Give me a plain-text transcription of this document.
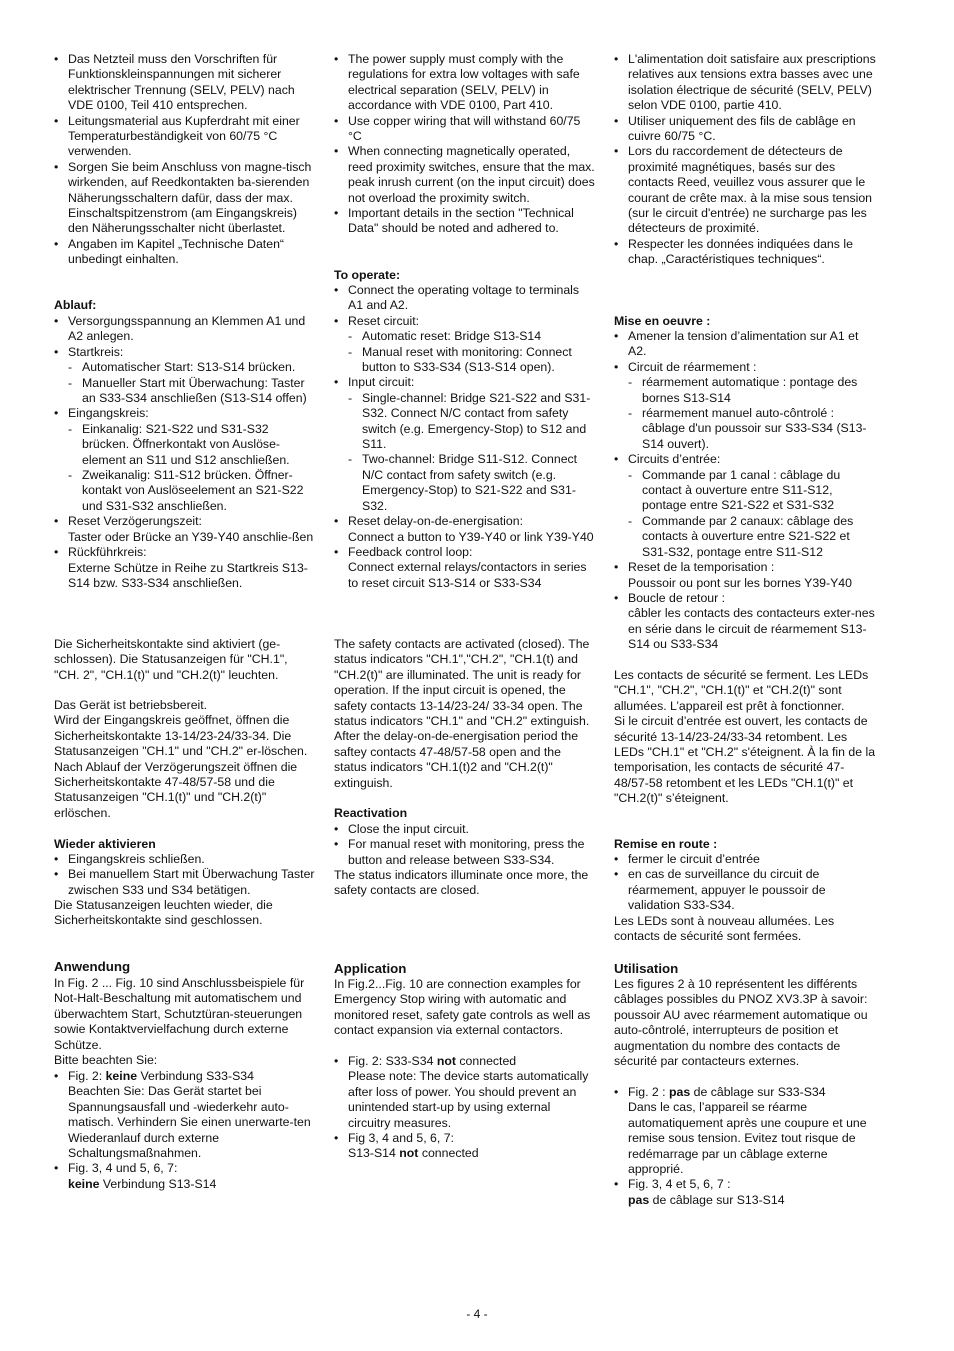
• Das Netzteil muss den Vorschriften für Funktionskleinspannungen mit sicherer elektrischer Trennung (SELV, PELV) nach VDE 0100, Teil 410 entsprechen.
• Leitungsmaterial aus Kupferdraht mit einer Temperaturbeständigkeit von 60/75 °C verwenden.
• Sorgen Sie beim Anschluss von magne-tisch wirkenden, auf Reedkontakten ba-sierenden Näherungsschaltern dafür, dass der max. Einschaltspitzenstrom (am Eingangskreis) den Näherungsschalter nicht überlastet.
• Angaben im Kapitel „Technische Daten“ unbedingt einhalten.

Ablauf:

• Versorgungsspannung an Klemmen A1 und A2 anlegen.
• Startkreis:
- Automatischer Start: S13-S14 brücken.
- Manueller Start mit Überwachung: Taster an S33-S34 anschließen (S13-S14 offen)
• Eingangskreis:
- Einkanalig: S21-S22 und S31-S32 brücken. Öffnerkontakt von Auslöse-element an S11 und S12 anschließen.
- Zweikanalig: S11-S12 brücken. Öffner-kontakt von Auslöseelement an S21-S22 und S31-S32 anschließen.
• Reset Verzögerungszeit:
Taster oder Brücke an Y39-Y40 anschlie-ßen
• Rückführkreis:
Externe Schütze in Reihe zu Startkreis S13-S14 bzw. S33-S34 anschließen.

Die Sicherheitskontakte sind aktiviert (ge-schlossen). Die Statusanzeigen für "CH.1", "CH. 2", "CH.1(t)" und "CH.2(t)" leuchten.

Das Gerät ist betriebsbereit.
Wird der Eingangskreis geöffnet, öffnen die Sicherheitskontakte 13-14/23-24/33-34. Die Statusanzeigen "CH.1" und "CH.2" er-löschen. Nach Ablauf der Verzögerungszeit öffnen die Sicherheitskontakte 47-48/57-58 und die Statusanzeigen "CH.1(t)" und "CH.2(t)" erlöschen.

Wieder aktivieren

• Eingangskreis schließen.
• Bei manuellem Start mit Überwachung Taster zwischen S33 und S34 betätigen.

Die Statusanzeigen leuchten wieder, die Sicherheitskontakte sind geschlossen.

Anwendung

In Fig. 2 ... Fig. 10 sind Anschlussbeispiele für Not-Halt-Beschaltung mit automatischem und überwachtem Start, Schutztüran-steuerungen sowie Kontaktvervielfachung durch externe Schütze.
Bitte beachten Sie:

• Fig. 2: keine Verbindung S33-S34
Beachten Sie: Das Gerät startet bei Spannungsausfall und -wiederkehr auto-matisch. Verhindern Sie einen unerwarte-ten Wiederanlauf durch externe Schaltungsmaßnahmen.
• Fig. 3, 4 und 5, 6, 7:
keine Verbindung S13-S14
• The power supply must comply with the regulations for extra low voltages with safe electrical separation (SELV, PELV) in accordance with VDE 0100, Part 410.
• Use copper wiring that will withstand 60/75 °C
• When connecting magnetically operated, reed proximity switches, ensure that the max. peak inrush current (on the input circuit) does not overload the proximity switch.
• Important details in the section "Technical Data" should be noted and adhered to.

To operate:

• Connect the operating voltage to terminals A1 and A2.
• Reset circuit:
- Automatic reset: Bridge S13-S14
- Manual reset with monitoring: Connect button to S33-S34 (S13-S14 open).
• Input circuit:
- Single-channel: Bridge S21-S22 and S31-S32. Connect N/C contact from safety switch (e.g. Emergency-Stop) to S12 and S11.
- Two-channel: Bridge S11-S12. Connect N/C contact from safety switch (e.g. Emergency-Stop) to S21-S22 and S31-S32.
• Reset delay-on-de-energisation:
Connect a button to Y39-Y40 or link Y39-Y40
• Feedback control loop:
Connect external relays/contactors in series to reset circuit S13-S14 or S33-S34

The safety contacts are activated (closed). The status indicators "CH.1","CH.2", "CH.1(t) and "CH.2(t)" are illuminated. The unit is ready for operation. If the input circuit is opened, the safety contacts 13-14/23-24/ 33-34 open. The status indicators "CH.1" and "CH.2" extinguish. After the delay-on-de-energisation period the saftey contacts 47-48/57-58 open and the status indicators "CH.1(t)2 and "CH.2(t)" extinguish.

Reactivation

• Close the input circuit.
• For manual reset with monitoring, press the button and release between S33-S34.

The status indicators illuminate once more, the safety contacts are closed.

Application

In Fig.2...Fig. 10 are connection examples for Emergency Stop wiring with automatic and monitored reset, safety gate controls as well as contact expansion via external contactors.

• Fig. 2: S33-S34 not connected
Please note: The device starts automatically after loss of power. You should prevent an unintended start-up by using external circuitry measures.
• Fig 3, 4 and 5, 6, 7:
S13-S14 not connected
• L'alimentation doit satisfaire aux prescriptions relatives aux tensions extra basses avec une isolation électrique de sécurité (SELV, PELV) selon VDE 0100, partie 410.
• Utiliser uniquement des fils de cablâge en cuivre 60/75 °C.
• Lors du raccordement de détecteurs de proximité magnétiques, basés sur des contacts Reed, veuillez vous assurer que le courant de crête max. à la mise sous tension (sur le circuit d'entrée) ne surcharge pas les détecteurs de proximité.
• Respecter les données indiquées dans le chap. „Caractéristiques techniques“.

Mise en oeuvre :

• Amener la tension d’alimentation sur A1 et A2.
• Circuit de réarmement :
- réarmement automatique : pontage des bornes S13-S14
- réarmement manuel auto-côntrolé : câblage d'un poussoir sur S33-S34 (S13-S14 ouvert).
• Circuits d’entrée:
- Commande par 1 canal : câblage du contact à ouverture entre S11-S12, pontage entre S21-S22 et S31-S32
- Commande par 2 canaux: câblage des contacts à ouverture entre S21-S22 et S31-S32, pontage entre S11-S12
• Reset de la temporisation :
Poussoir ou pont sur les bornes Y39-Y40
• Boucle de retour :
câbler les contacts des contacteurs exter-nes en série dans le circuit de réarmement S13-S14 ou S33-S34

Les contacts de sécurité se ferment. Les LEDs "CH.1", "CH.2", "CH.1(t)" et "CH.2(t)" sont allumées. L’appareil est prêt à fonctionner.
Si le circuit d’entrée est ouvert, les contacts de sécurité 13-14/23-24/33-34 retombent. Les LEDs "CH.1" et "CH.2" s'éteignent. À la fin de la temporisation, les contacts de sécurité 47-48/57-58 retombent et les LEDs "CH.1(t)" et "CH.2(t)" s’éteignent.

Remise en route :

• fermer le circuit d’entrée
• en cas de surveillance du circuit de réarmement, appuyer le poussoir de validation S33-S34.

Les LEDs sont à nouveau allumées. Les contacts de sécurité sont fermées.

Utilisation

Les figures 2 à 10 représentent les différents câblages possibles du PNOZ XV3.3P à savoir: poussoir AU avec réarmement automatique ou auto-côntrolé, interrupteurs de position et augmentation du nombre des contacts de sécurité par contacteurs externes.

• Fig. 2 : pas de câblage sur S33-S34
Dans le cas, l’appareil se réarme automatiquement après une coupure et une remise sous tension. Evitez tout risque de redémarrage par un câblage externe approprié.
• Fig. 3, 4 et 5, 6, 7 :
pas de câblage sur S13-S14
- 4 -
